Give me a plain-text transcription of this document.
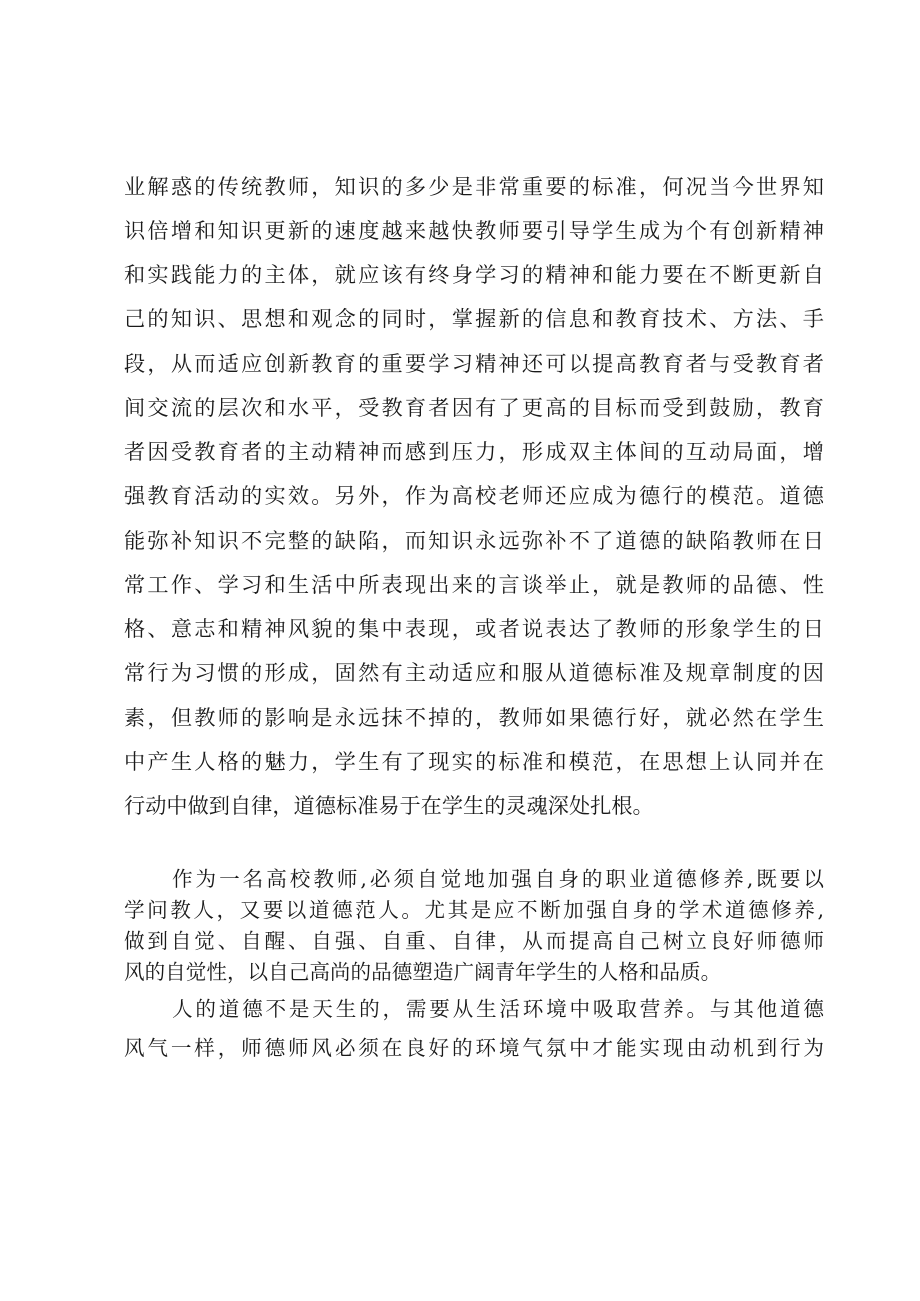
业解惑的传统教师，知识的多少是非常重要的标准，何况当今世界知
识倍增和知识更新的速度越来越快教师要引导学生成为个有创新精神
和实践能力的主体，就应该有终身学习的精神和能力要在不断更新自
己的知识、思想和观念的同时，掌握新的信息和教育技术、方法、手
段，从而适应创新教育的重要学习精神还可以提高教育者与受教育者
间交流的层次和水平，受教育者因有了更高的目标而受到鼓励，教育
者因受教育者的主动精神而感到压力，形成双主体间的互动局面，增
强教育活动的实效。另外，作为高校老师还应成为德行的模范。道德
能弥补知识不完整的缺陷，而知识永远弥补不了道德的缺陷教师在日
常工作、学习和生活中所表现出来的言谈举止，就是教师的品德、性
格、意志和精神风貌的集中表现，或者说表达了教师的形象学生的日
常行为习惯的形成，固然有主动适应和服从道德标准及规章制度的因
素，但教师的影响是永远抹不掉的，教师如果德行好，就必然在学生
中产生人格的魅力，学生有了现实的标准和模范，在思想上认同并在
行动中做到自律，道德标准易于在学生的灵魂深处扎根。
作为一名高校教师,必须自觉地加强自身的职业道德修养,既要以
学问教人，又要以道德范人。尤其是应不断加强自身的学术道德修养,
做到自觉、自醒、自强、自重、自律，从而提高自己树立良好师德师
风的自觉性，以自己高尚的品德塑造广阔青年学生的人格和品质。
人的道德不是天生的，需要从生活环境中吸取营养。与其他道德
风气一样，师德师风必须在良好的环境气氛中才能实现由动机到行为
